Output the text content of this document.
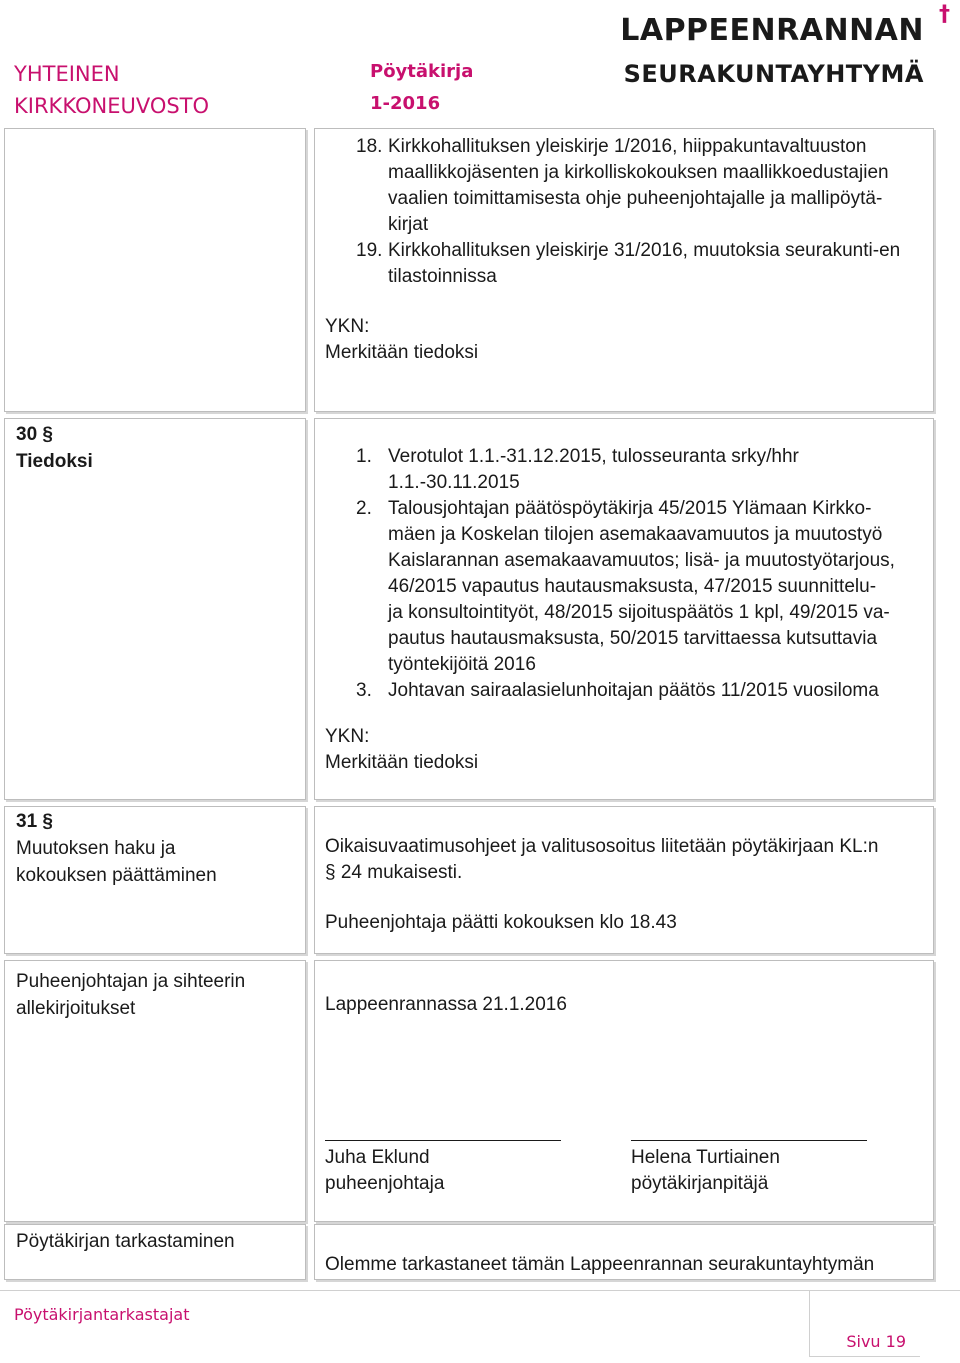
YHTEINEN
KIRKKONEUVOSTO
Pöytäkirja
1-2016
LAPPEENRANNAN
SEURAKUNTAYHTYMÄ
†
18. Kirkkohallituksen yleiskirje 1/2016, hiippakuntavaltuuston maallikkojäsenten ja kirkolliskokouksen maallikkoedustajien vaalien toimittamisesta ohje puheenjohtajalle ja mallipöytä-kirjat
19. Kirkkohallituksen yleiskirje 31/2016, muutoksia seurakunti-en tilastoinnissa
YKN:
Merkitään tiedoksi
30 §
Tiedoksi	1. Verotulot 1.1.-31.12.2015, tulosseuranta srky/hhr 1.1.-30.11.2015
2. Talousjohtajan päätöspöytäkirja 45/2015 Ylämaan Kirkko-mäen ja Koskelan tilojen asemakaavamuutos ja muutostyö Kaislarannan asemakaavamuutos; lisä- ja muutostyötarjous, 46/2015 vapautus hautausmaksusta, 47/2015 suunnittelu- ja konsultointityöt, 48/2015 sijoituspäätös 1 kpl, 49/2015 va-pautus hautausmaksusta, 50/2015 tarvittaessa kutsuttavia työntekijöitä 2016
3. Johtavan sairaalasielunhoitajan päätös 11/2015 vuosiloma
YKN:
Merkitään tiedoksi
31 §
Muutoksen haku ja
kokouksen päättäminen
Oikaisuvaatimusohjeet ja valitusosoitus liitetään pöytäkirjaan KL:n
§ 24 mukaisesti.
Puheenjohtaja päätti kokouksen klo 18.43
Puheenjohtajan ja sihteerin
allekirjoitukset	Lappeenrannassa 21.1.2016
Juha Eklund
puheenjohtaja
Helena Turtiainen
pöytäkirjanpitäjä
Pöytäkirjan tarkastaminen
Olemme tarkastaneet tämän Lappeenrannan seurakuntayhtymän
Pöytäkirjantarkastajat
Sivu 19
